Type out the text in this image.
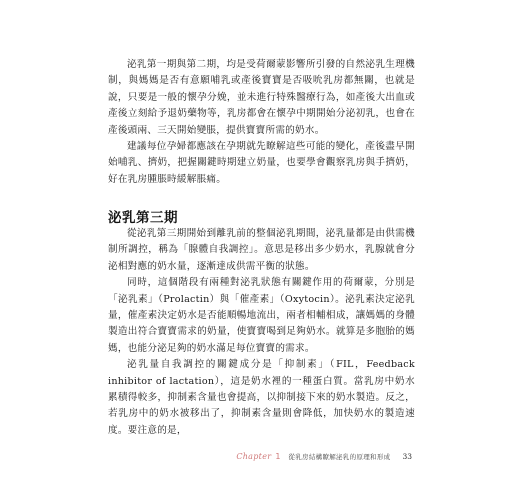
泌乳第一期與第二期，均是受荷爾蒙影響所引發的自然泌乳生理機制，與媽媽是否有意願哺乳或產後寶寶是否吸吮乳房都無關，也就是說，只要是一般的懷孕分娩，並未進行特殊醫療行為，如產後大出血或產後立刻給予退奶藥物等，乳房都會在懷孕中期開始分泌初乳，也會在產後頭兩、三天開始變脹，提供寶寶所需的奶水。

建議每位孕婦都應該在孕期就先瞭解這些可能的變化，產後盡早開始哺乳、擠奶，把握關鍵時期建立奶量，也要學會觀察乳房與手擠奶，好在乳房腫脹時緩解脹痛。

泌乳第三期

從泌乳第三期開始到離乳前的整個泌乳期間，泌乳量都是由供需機制所調控，稱為「腺體自我調控」。意思是移出多少奶水，乳腺就會分泌相對應的奶水量，逐漸達成供需平衡的狀態。

同時，這個階段有兩種對泌乳狀態有關鍵作用的荷爾蒙，分別是「泌乳素」（Prolactin）與「催產素」（Oxytocin）。泌乳素決定泌乳量，催產素決定奶水是否能順暢地流出，兩者相輔相成，讓媽媽的身體製造出符合寶寶需求的奶量，使寶寶喝到足夠奶水。就算是多胞胎的媽媽，也能分泌足夠的奶水滿足每位寶寶的需求。

泌乳量自我調控的關鍵成分是「抑制素」（FIL，Feedback inhibitor of lactation），這是奶水裡的一種蛋白質。當乳房中奶水累積得較多，抑制素含量也會提高，以抑制接下來的奶水製造。反之，若乳房中的奶水被移出了，抑制素含量則會降低，加快奶水的製造速度。要注意的是，

Chapter 1 從乳房結構瞭解泌乳的原理和形成 33
